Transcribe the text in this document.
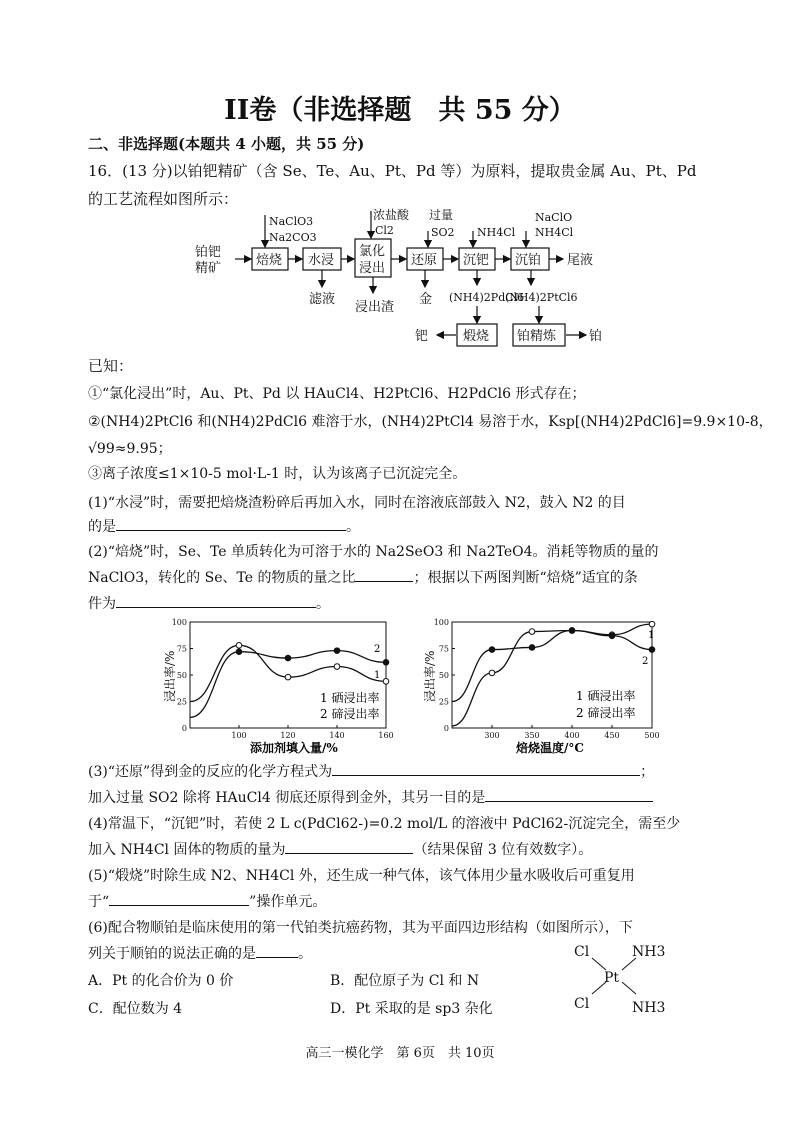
II卷（非选择题　共 55 分）
二、非选择题(本题共 4 小题，共 55 分)
16．(13 分)以铂钯精矿（含 Se、Te、Au、Pt、Pd 等）为原料，提取贵金属 Au、Pt、Pd
的工艺流程如图所示：
铂钯
精矿
NaClO3
Na2CO3
焙烧 水浸
滤液
浓盐酸
Cl2
氯化
浸出
浸出渣
过量
SO2
还原
金
NH4Cl
沉钯
(NH4)2PdCl6
NaClO
NH4Cl
沉铂
(NH4)2PtCl6
尾液
煅烧
钯	铂精炼	铂
已知：
①“氯化浸出”时，Au、Pt、Pd 以 HAuCl4、H2PtCl6、H2PdCl6 形式存在；
②(NH4)2PtCl6 和(NH4)2PdCl6 难溶于水，(NH4)2PtCl4 易溶于水，Ksp[(NH4)2PdCl6]=9.9×10-8，
√99≈9.95；
③离子浓度≤1×10-5 mol·L-1 时，认为该离子已沉淀完全。
(1)“水浸”时，需要把焙烧渣粉碎后再加入水，同时在溶液底部鼓入 N2，鼓入 N2 的目
的是	。
(2)“焙烧”时，Se、Te 单质转化为可溶于水的 Na2SeO3 和 Na2TeO4。消耗等物质的量的
NaClO3，转化的 Se、Te 的物质的量之比	；根据以下两图判断“焙烧”适宜的条
件为	。
0
25
50
75
100
100	120	140	160
1 硒浸出率
2 碲浸出率
2
1
添加剂填入量/%
浸出率/%
0
25
50
75
100
300	350	400	450	500
1 硒浸出率
2 碲浸出率
1
2
焙烧温度/°C
浸出率/%
(3)“还原”得到金的反应的化学方程式为	；
加入过量 SO2 除将 HAuCl4 彻底还原得到金外，其另一目的是
(4)常温下，“沉钯”时，若使 2 L c(PdCl62-)=0.2 mol/L 的溶液中 PdCl62-沉淀完全，需至少
加入 NH4Cl 固体的物质的量为	（结果保留 3 位有效数字）。
(5)“煅烧”时除生成 N2、NH4Cl 外，还生成一种气体，该气体用少量水吸收后可重复用
于“	”操作单元。
(6)配合物顺铂是临床使用的第一代铂类抗癌药物，其为平面四边形结构（如图所示），下
列关于顺铂的说法正确的是	。
A．Pt 的化合价为 0 价	B．配位原子为 Cl 和 N
C．配位数为 4	D．Pt 采取的是 sp3 杂化
Cl	NH3
Pt
Cl	NH3
高三一模化学　第 6页　共 10页
